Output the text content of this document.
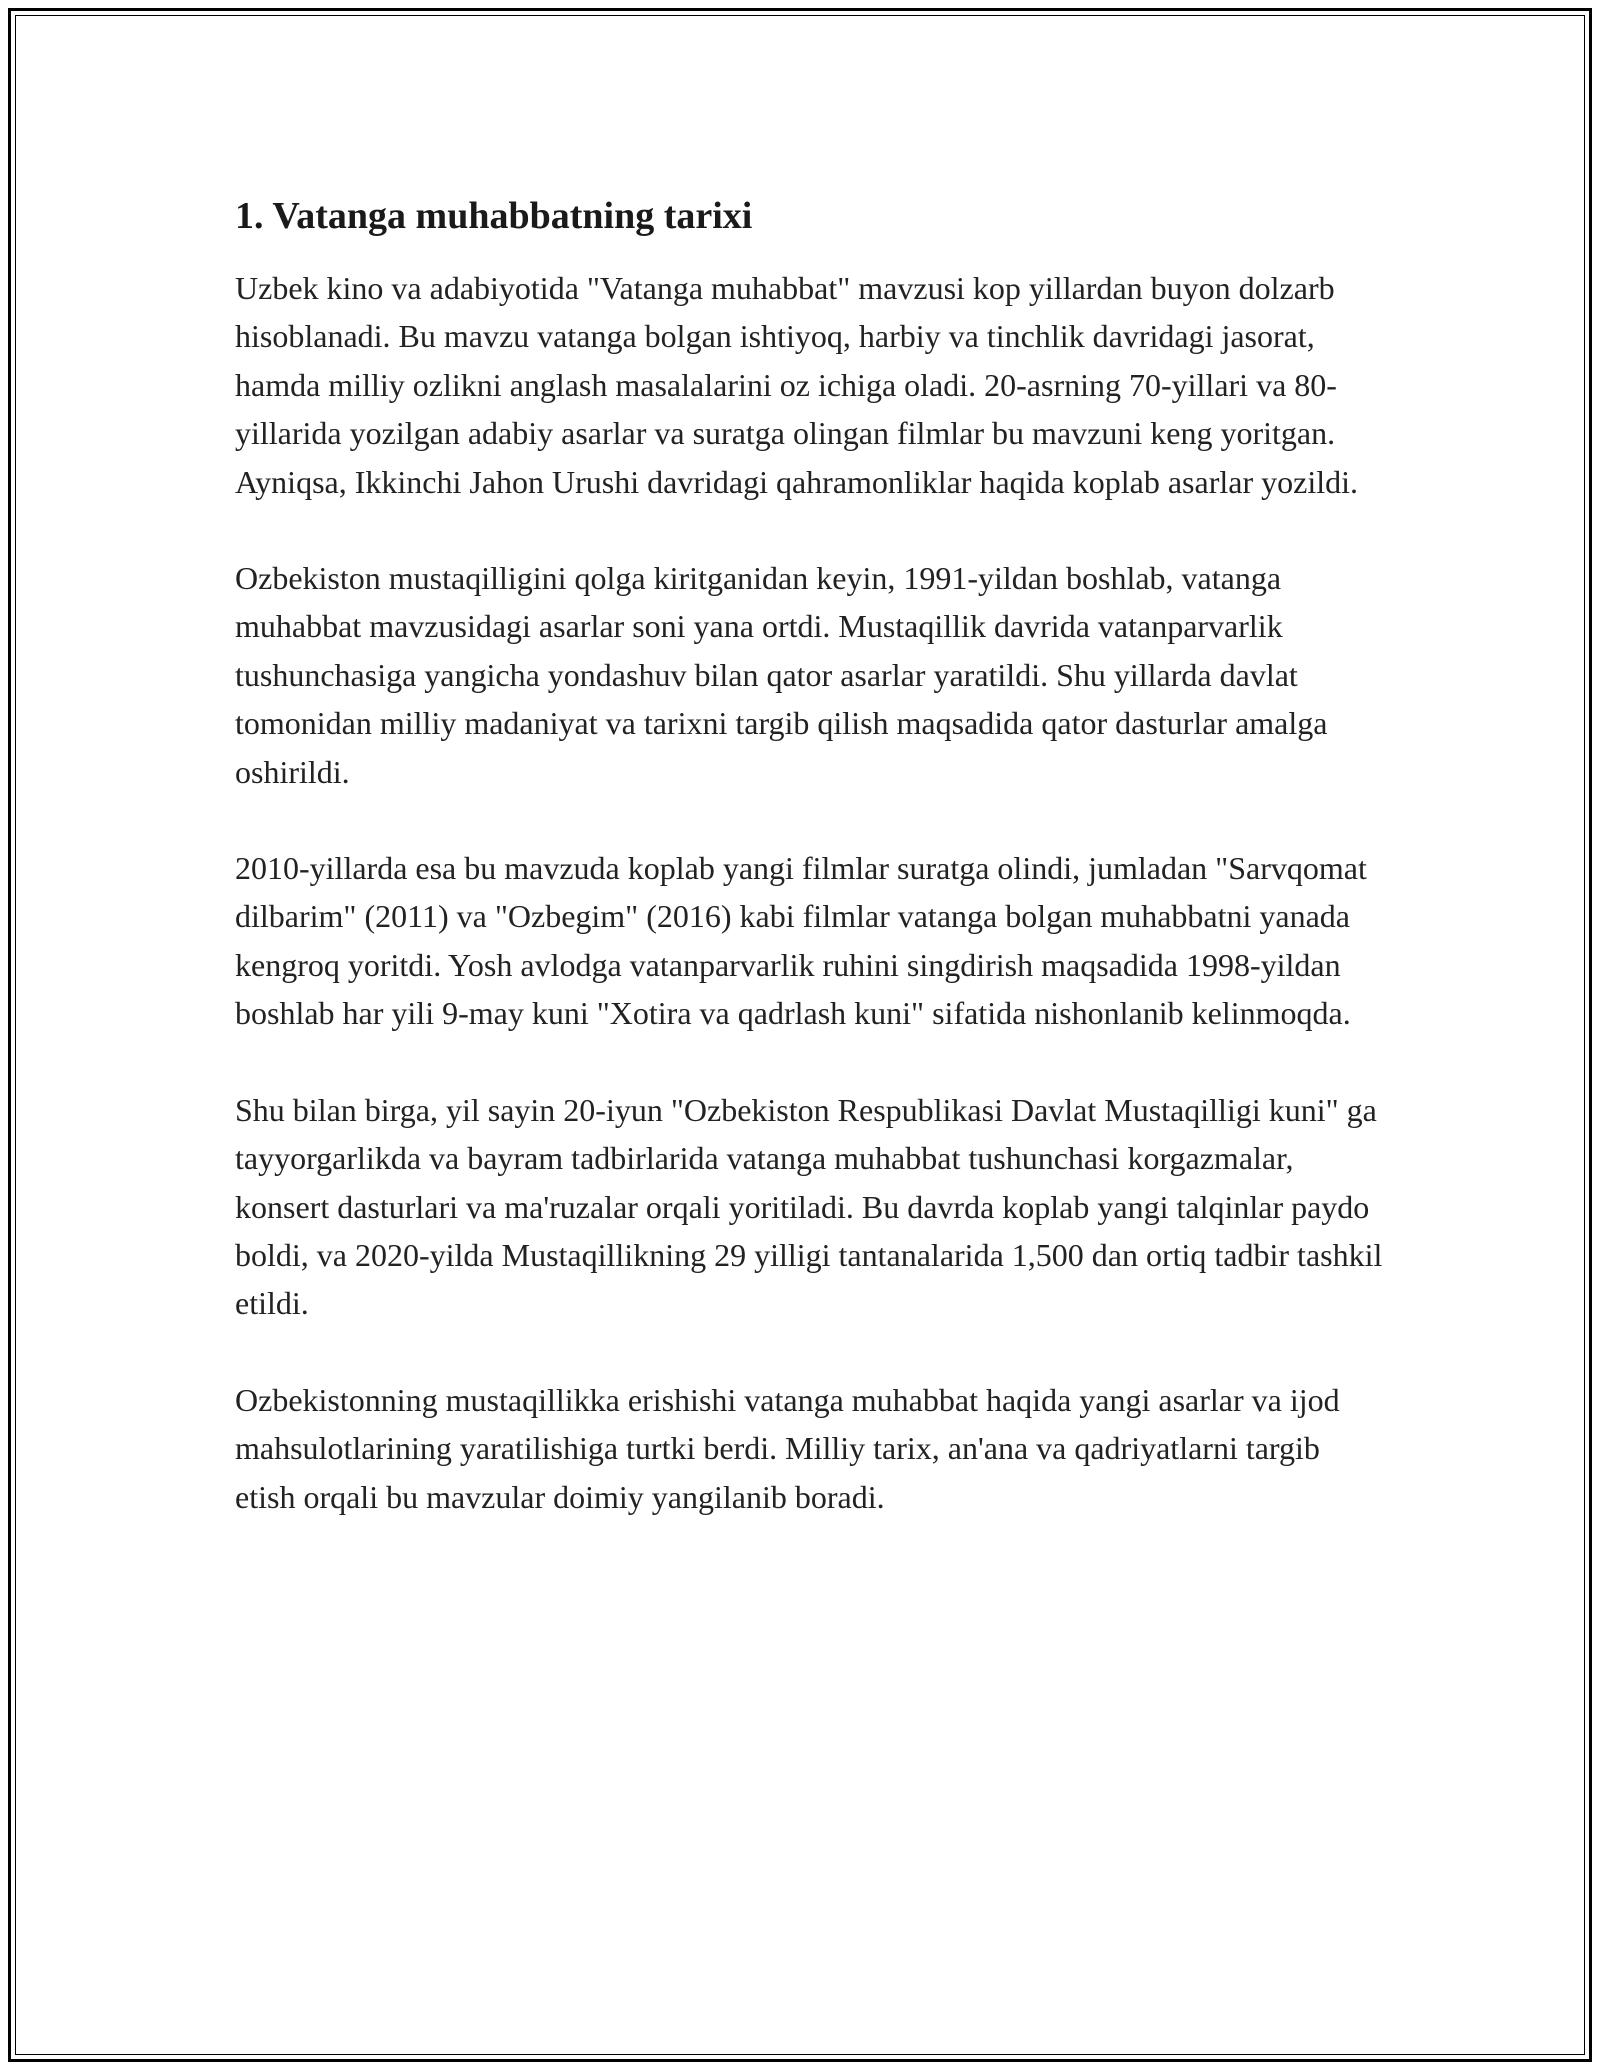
1. Vatanga muhabbatning tarixi

Uzbek kino va adabiyotida "Vatanga muhabbat" mavzusi kop yillardan buyon dolzarb hisoblanadi. Bu mavzu vatanga bolgan ishtiyoq, harbiy va tinchlik davridagi jasorat, hamda milliy ozlikni anglash masalalarini oz ichiga oladi. 20-asrning 70-yillari va 80-yillarida yozilgan adabiy asarlar va suratga olingan filmlar bu mavzuni keng yoritgan. Ayniqsa, Ikkinchi Jahon Urushi davridagi qahramonliklar haqida koplab asarlar yozildi.

Ozbekiston mustaqilligini qolga kiritganidan keyin, 1991-yildan boshlab, vatanga muhabbat mavzusidagi asarlar soni yana ortdi. Mustaqillik davrida vatanparvarlik tushunchasiga yangicha yondashuv bilan qator asarlar yaratildi. Shu yillarda davlat tomonidan milliy madaniyat va tarixni targib qilish maqsadida qator dasturlar amalga oshirildi.

2010-yillarda esa bu mavzuda koplab yangi filmlar suratga olindi, jumladan "Sarvqomat dilbarim" (2011) va "Ozbegim" (2016) kabi filmlar vatanga bolgan muhabbatni yanada kengroq yoritdi. Yosh avlodga vatanparvarlik ruhini singdirish maqsadida 1998-yildan boshlab har yili 9-may kuni "Xotira va qadrlash kuni" sifatida nishonlanib kelinmoqda.

Shu bilan birga, yil sayin 20-iyun "Ozbekiston Respublikasi Davlat Mustaqilligi kuni" ga tayyorgarlikda va bayram tadbirlarida vatanga muhabbat tushunchasi korgazmalar, konsert dasturlari va ma'ruzalar orqali yoritiladi. Bu davrda koplab yangi talqinlar paydo boldi, va 2020-yilda Mustaqillikning 29 yilligi tantanalarida 1,500 dan ortiq tadbir tashkil etildi.

Ozbekistonning mustaqillikka erishishi vatanga muhabbat haqida yangi asarlar va ijod mahsulotlarining yaratilishiga turtki berdi. Milliy tarix, an'ana va qadriyatlarni targib etish orqali bu mavzular doimiy yangilanib boradi.
